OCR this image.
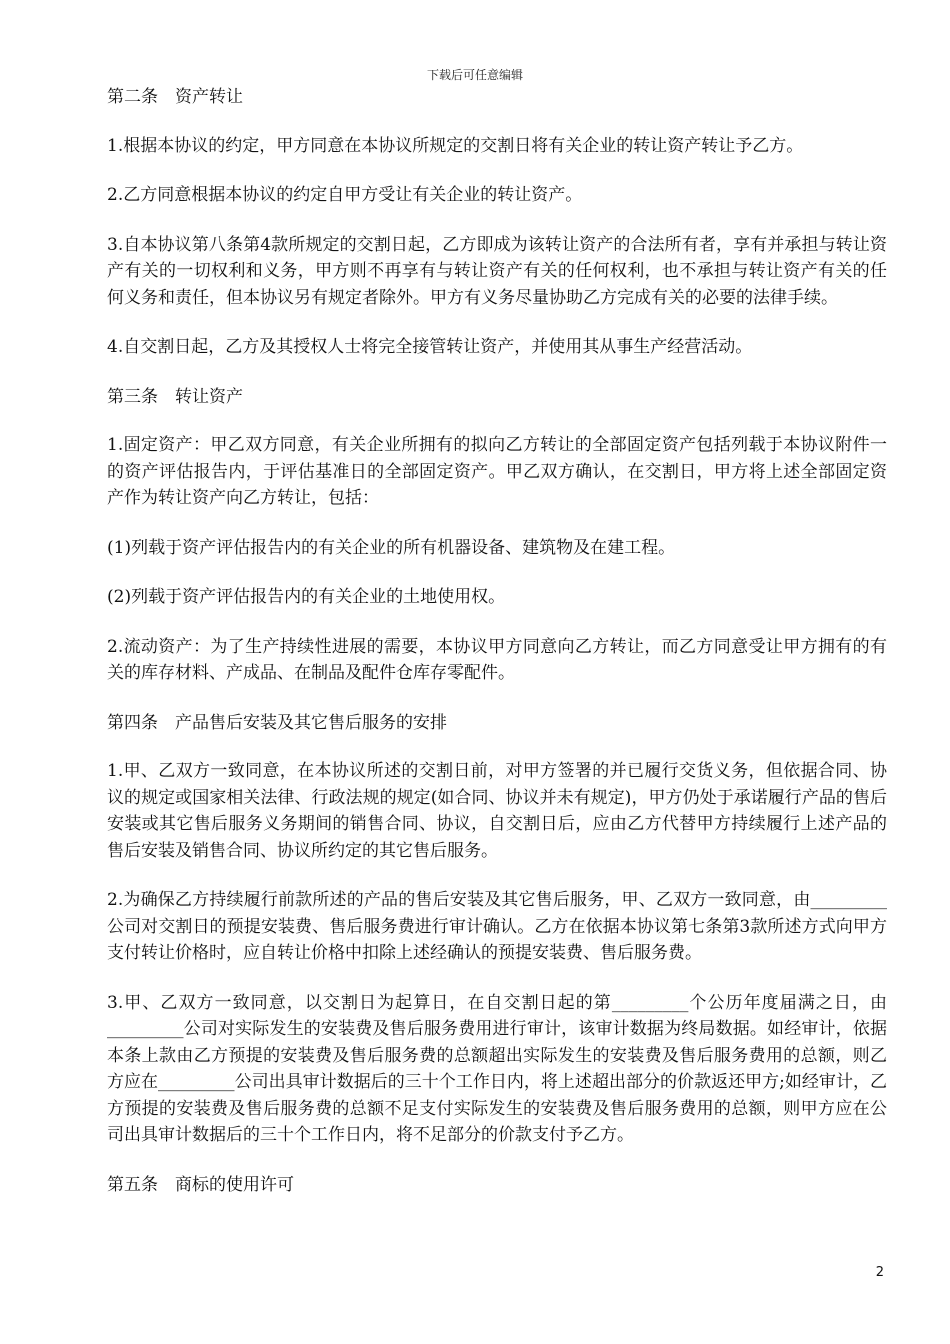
下载后可任意编辑

第二条　资产转让

1.根据本协议的约定，甲方同意在本协议所规定的交割日将有关企业的转让资产转让予乙方。

2.乙方同意根据本协议的约定自甲方受让有关企业的转让资产。

3.自本协议第八条第4款所规定的交割日起，乙方即成为该转让资产的合法所有者，享有并承担与转让资产有关的一切权利和义务，甲方则不再享有与转让资产有关的任何权利，也不承担与转让资产有关的任何义务和责任，但本协议另有规定者除外。甲方有义务尽量协助乙方完成有关的必要的法律手续。

4.自交割日起，乙方及其授权人士将完全接管转让资产，并使用其从事生产经营活动。

第三条　转让资产

1.固定资产：甲乙双方同意，有关企业所拥有的拟向乙方转让的全部固定资产包括列载于本协议附件一的资产评估报告内，于评估基准日的全部固定资产。甲乙双方确认，在交割日，甲方将上述全部固定资产作为转让资产向乙方转让，包括：

(1)列载于资产评估报告内的有关企业的所有机器设备、建筑物及在建工程。

(2)列载于资产评估报告内的有关企业的土地使用权。

2.流动资产：为了生产持续性进展的需要，本协议甲方同意向乙方转让，而乙方同意受让甲方拥有的有关的库存材料、产成品、在制品及配件仓库存零配件。

第四条　产品售后安装及其它售后服务的安排

1.甲、乙双方一致同意，在本协议所述的交割日前，对甲方签署的并已履行交货义务，但依据合同、协议的规定或国家相关法律、行政法规的规定(如合同、协议并未有规定)，甲方仍处于承诺履行产品的售后安装或其它售后服务义务期间的销售合同、协议，自交割日后，应由乙方代替甲方持续履行上述产品的售后安装及销售合同、协议所约定的其它售后服务。

2.为确保乙方持续履行前款所述的产品的售后安装及其它售后服务，甲、乙双方一致同意，由_________公司对交割日的预提安装费、售后服务费进行审计确认。乙方在依据本协议第七条第3款所述方式向甲方支付转让价格时，应自转让价格中扣除上述经确认的预提安装费、售后服务费。

3.甲、乙双方一致同意，以交割日为起算日，在自交割日起的第_________个公历年度届满之日，由_________公司对实际发生的安装费及售后服务费用进行审计，该审计数据为终局数据。如经审计，依据本条上款由乙方预提的安装费及售后服务费的总额超出实际发生的安装费及售后服务费用的总额，则乙方应在_________公司出具审计数据后的三十个工作日内，将上述超出部分的价款返还甲方;如经审计，乙方预提的安装费及售后服务费的总额不足支付实际发生的安装费及售后服务费用的总额，则甲方应在公司出具审计数据后的三十个工作日内，将不足部分的价款支付予乙方。

第五条　商标的使用许可

2
